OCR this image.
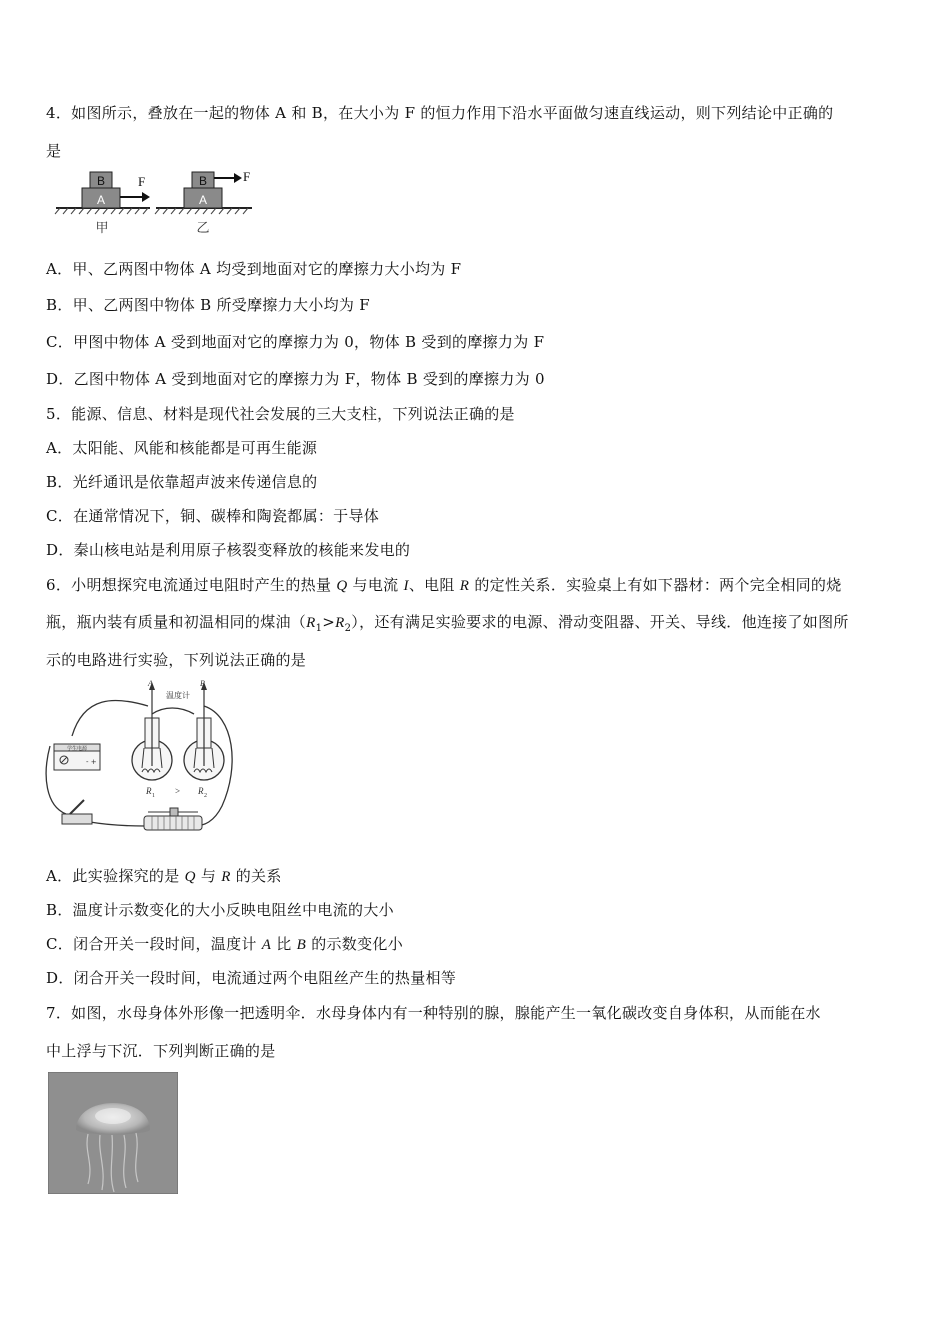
4．如图所示，叠放在一起的物体 A 和 B，在大小为 F 的恒力作用下沿水平面做匀速直线运动，则下列结论中正确的
是
A
B	F
甲
A
B	F
乙
A．甲、乙两图中物体 A 均受到地面对它的摩擦力大小均为 F
B．甲、乙两图中物体 B 所受摩擦力大小均为 F
C．甲图中物体 A 受到地面对它的摩擦力为 0，物体 B 受到的摩擦力为 F
D．乙图中物体 A 受到地面对它的摩擦力为 F，物体 B 受到的摩擦力为 0
5．能源、信息、材料是现代社会发展的三大支柱，下列说法正确的是
A．太阳能、风能和核能都是可再生能源
B．光纤通讯是依靠超声波来传递信息的
C．在通常情况下，铜、碳棒和陶瓷都属：于导体
D．秦山核电站是利用原子核裂变释放的核能来发电的
6．小明想探究电流通过电阻时产生的热量 Q 与电流 I、电阻 R 的定性关系．实验桌上有如下器材：两个完全相同的烧
瓶，瓶内装有质量和初温相同的煤油$(R_1>R_2)$，还有满足实验要求的电源、滑动变阻器、开关、导线．他连接了如图所
示的电路进行实验，下列说法正确的是
学生电源
- +
A	B
温度计
R 1 > R 2
A．此实验探究的是 Q 与 R 的关系
B．温度计示数变化的大小反映电阻丝中电流的大小
C．闭合开关一段时间，温度计 A 比 B 的示数变化小
D．闭合开关一段时间，电流通过两个电阻丝产生的热量相等
7．如图，水母身体外形像一把透明伞．水母身体内有一种特别的腺，腺能产生一氧化碳改变自身体积，从而能在水
中上浮与下沉．下列判断正确的是
